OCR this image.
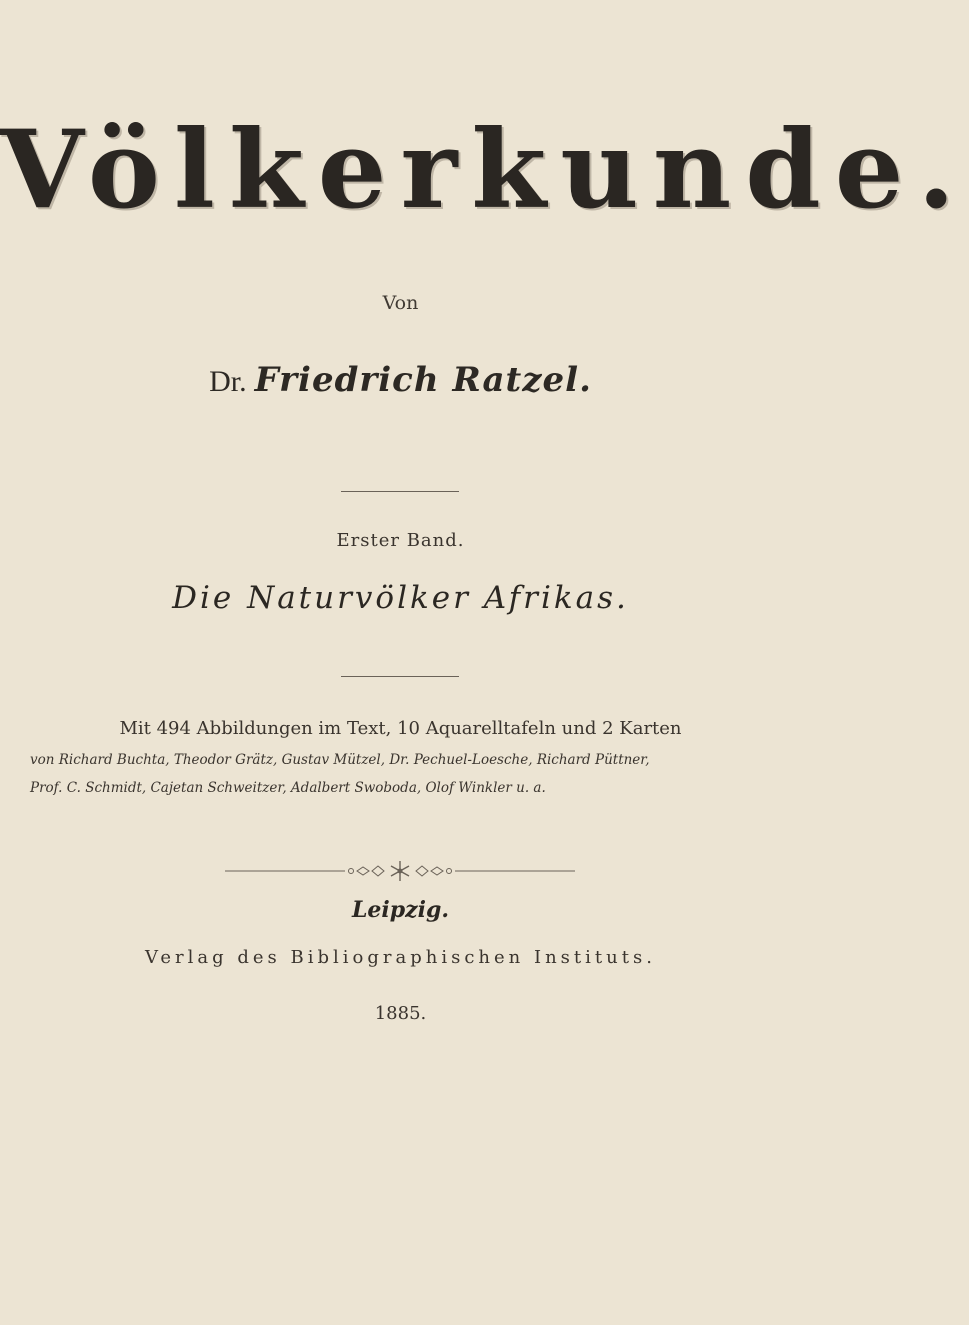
Völkerkunde.
Von
Dr. Friedrich Ratzel.
Erster Band.
Die Naturvölker Afrikas.
Mit 494 Abbildungen im Text, 10 Aquarelltafeln und 2 Karten
von Richard Buchta, Theodor Grätz, Gustav Mützel, Dr. Pechuel-Loesche, Richard Püttner,
Prof. C. Schmidt, Cajetan Schweitzer, Adalbert Swoboda, Olof Winkler u. a.
Leipzig.
Verlag des Bibliographischen Instituts.
1885.
